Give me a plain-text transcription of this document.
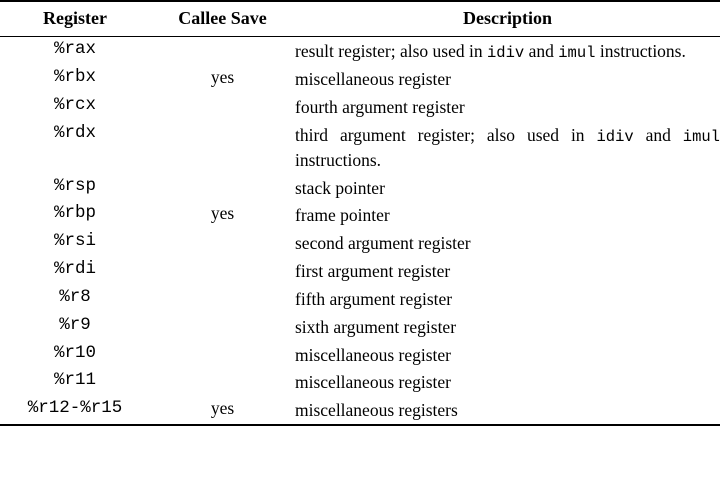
Register	Callee Save	Description
%rax		result register; also used in idiv and imul instructions.
%rbx	yes	miscellaneous register
%rcx		fourth argument register
%rdx		third argument register; also used in idiv and imul instructions.
%rsp		stack pointer
%rbp	yes	frame pointer
%rsi		second argument register
%rdi		first argument register
%r8		fifth argument register
%r9		sixth argument register
%r10		miscellaneous register
%r11		miscellaneous register
%r12-%r15	yes	miscellaneous registers
